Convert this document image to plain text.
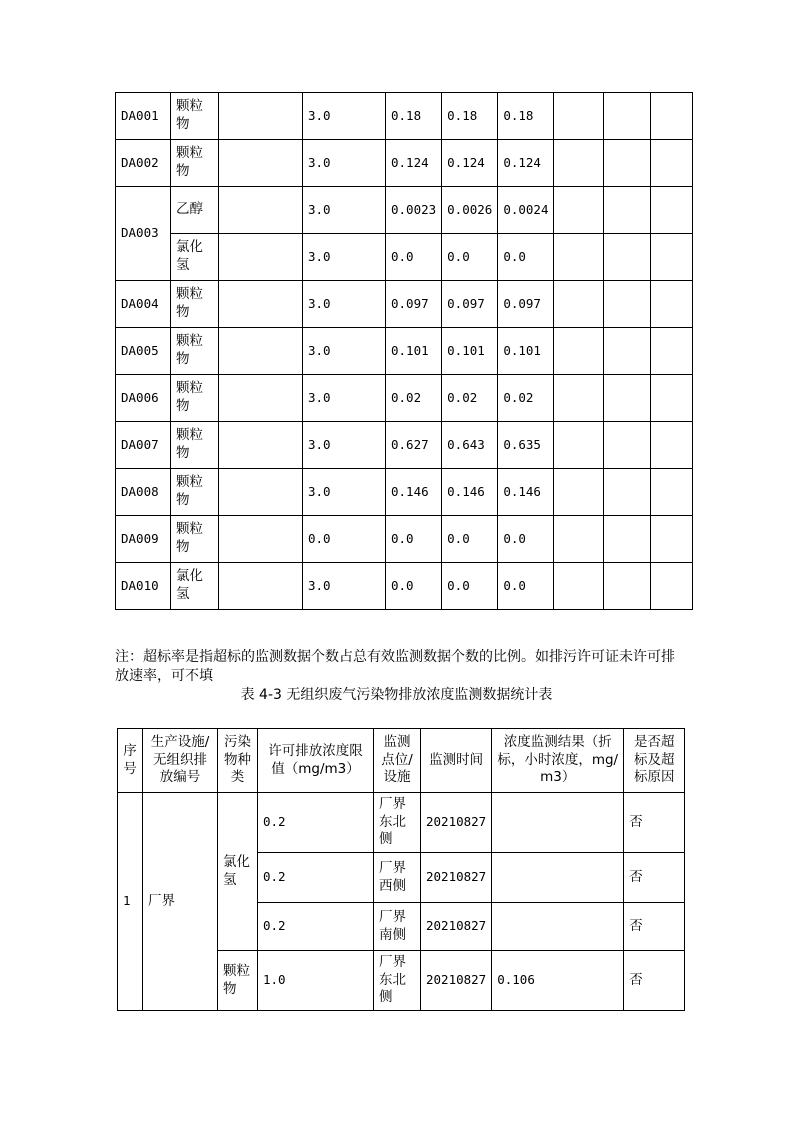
DA001	颗粒物		3.0	0.18	0.18	0.18			
DA002	颗粒物		3.0	0.124	0.124	0.124			
DA003	乙醇		3.0	0.0023	0.0026	0.0024			
	氯化氢		3.0	0.0	0.0	0.0			
DA004	颗粒物		3.0	0.097	0.097	0.097			
DA005	颗粒物		3.0	0.101	0.101	0.101			
DA006	颗粒物		3.0	0.02	0.02	0.02			
DA007	颗粒物		3.0	0.627	0.643	0.635			
DA008	颗粒物		3.0	0.146	0.146	0.146			
DA009	颗粒物		0.0	0.0	0.0	0.0			
DA010	氯化氢		3.0	0.0	0.0	0.0			

注：超标率是指超标的监测数据个数占总有效监测数据个数的比例。如排污许可证未许可排放速率，可不填

表 4-3 无组织废气污染物排放浓度监测数据统计表
序号	生产设施/无组织排放编号	污染物种类	许可排放浓度限值（mg/m3）	监测点位/设施	监测时间	浓度监测结果（折标，小时浓度，mg/m3）	是否超标及超标原因
1	厂界	氯化氢	0.2	厂界东北侧	20210827		否
			0.2	厂界西侧	20210827		否
			0.2	厂界南侧	20210827		否
		颗粒物	1.0	厂界东北侧	20210827	0.106	否
